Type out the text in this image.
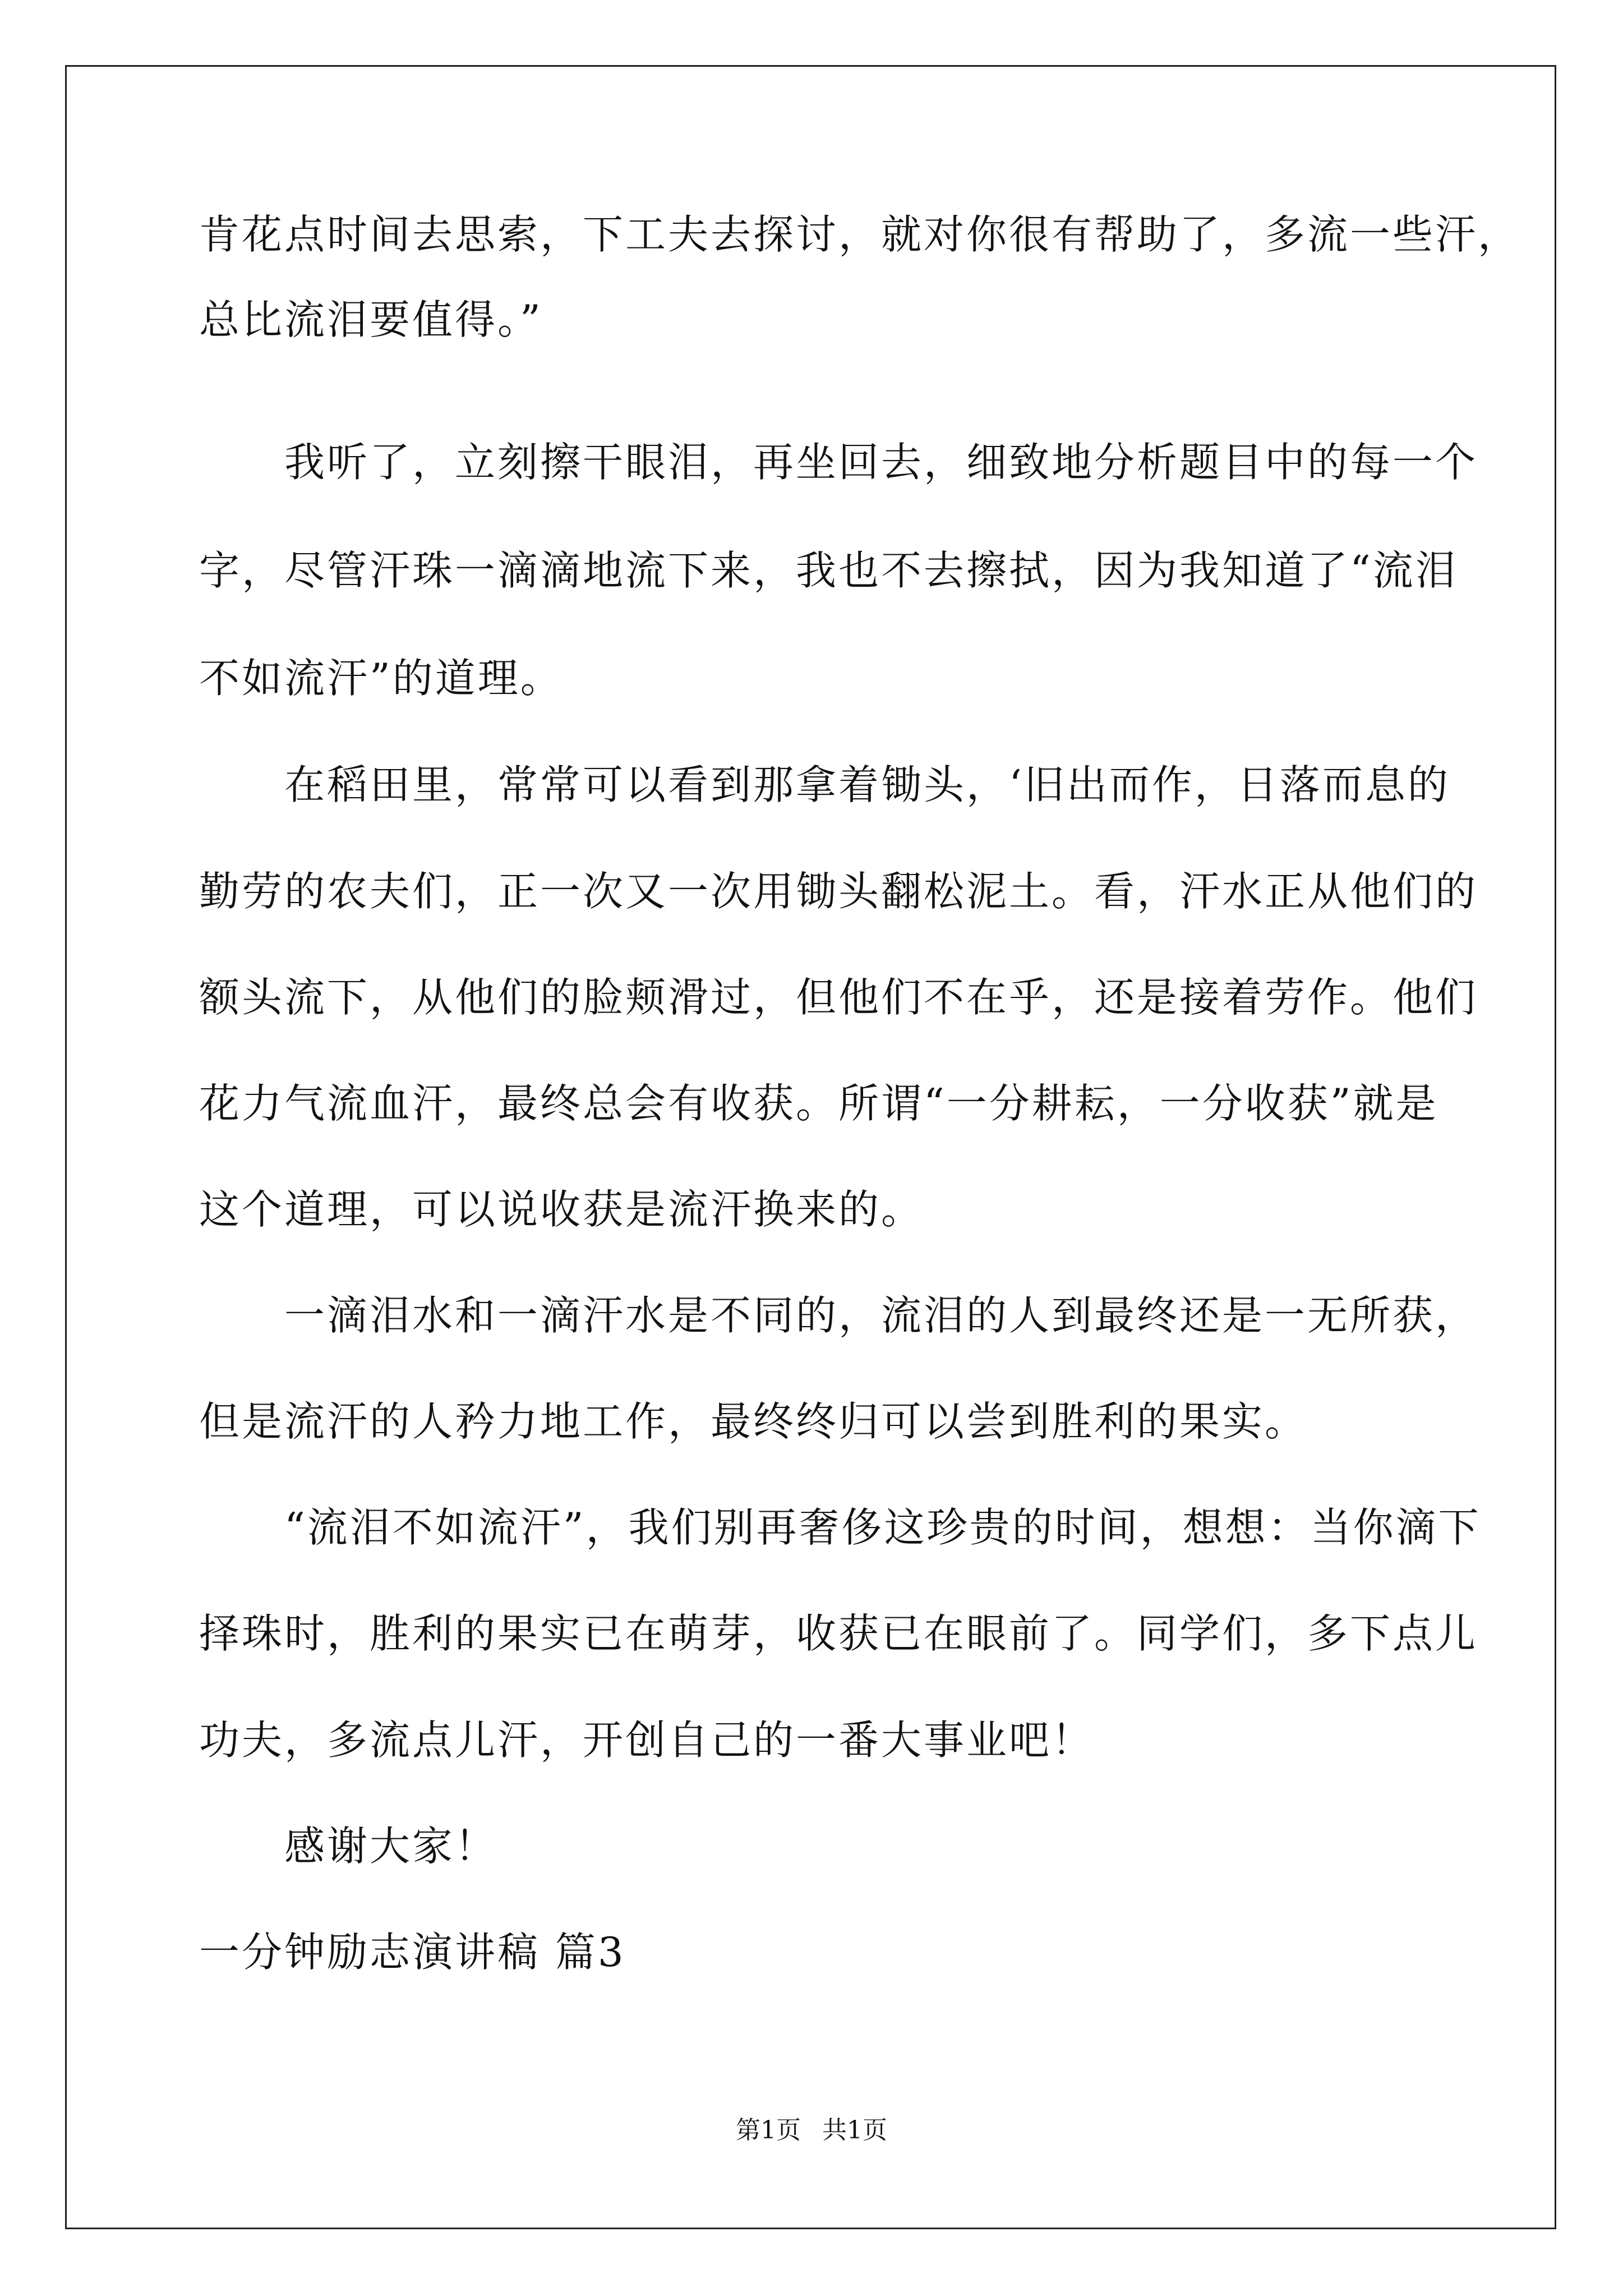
肯花点时间去思索，下工夫去探讨，就对你很有帮助了，多流一些汗，

总比流泪要值得。”

　　我听了，立刻擦干眼泪，再坐回去，细致地分析题目中的每一个

字，尽管汗珠一滴滴地流下来，我也不去擦拭，因为我知道了“流泪

不如流汗”的道理。

　　在稻田里，常常可以看到那拿着锄头，‘旧出而作，日落而息的

勤劳的农夫们，正一次又一次用锄头翻松泥土。看，汗水正从他们的

额头流下，从他们的脸颊滑过，但他们不在乎，还是接着劳作。他们

花力气流血汗，最终总会有收获。所谓“一分耕耘，一分收获”就是

这个道理，可以说收获是流汗换来的。

　　一滴泪水和一滴汗水是不同的，流泪的人到最终还是一无所获，

但是流汗的人矜力地工作，最终终归可以尝到胜利的果实。

　　“流泪不如流汗”，我们别再奢侈这珍贵的时间，想想：当你滴下

择珠时，胜利的果实已在萌芽，收获已在眼前了。同学们，多下点儿

功夫，多流点儿汗，开创自己的一番大事业吧！

　　感谢大家！

一分钟励志演讲稿 篇3
第1页 共1页
